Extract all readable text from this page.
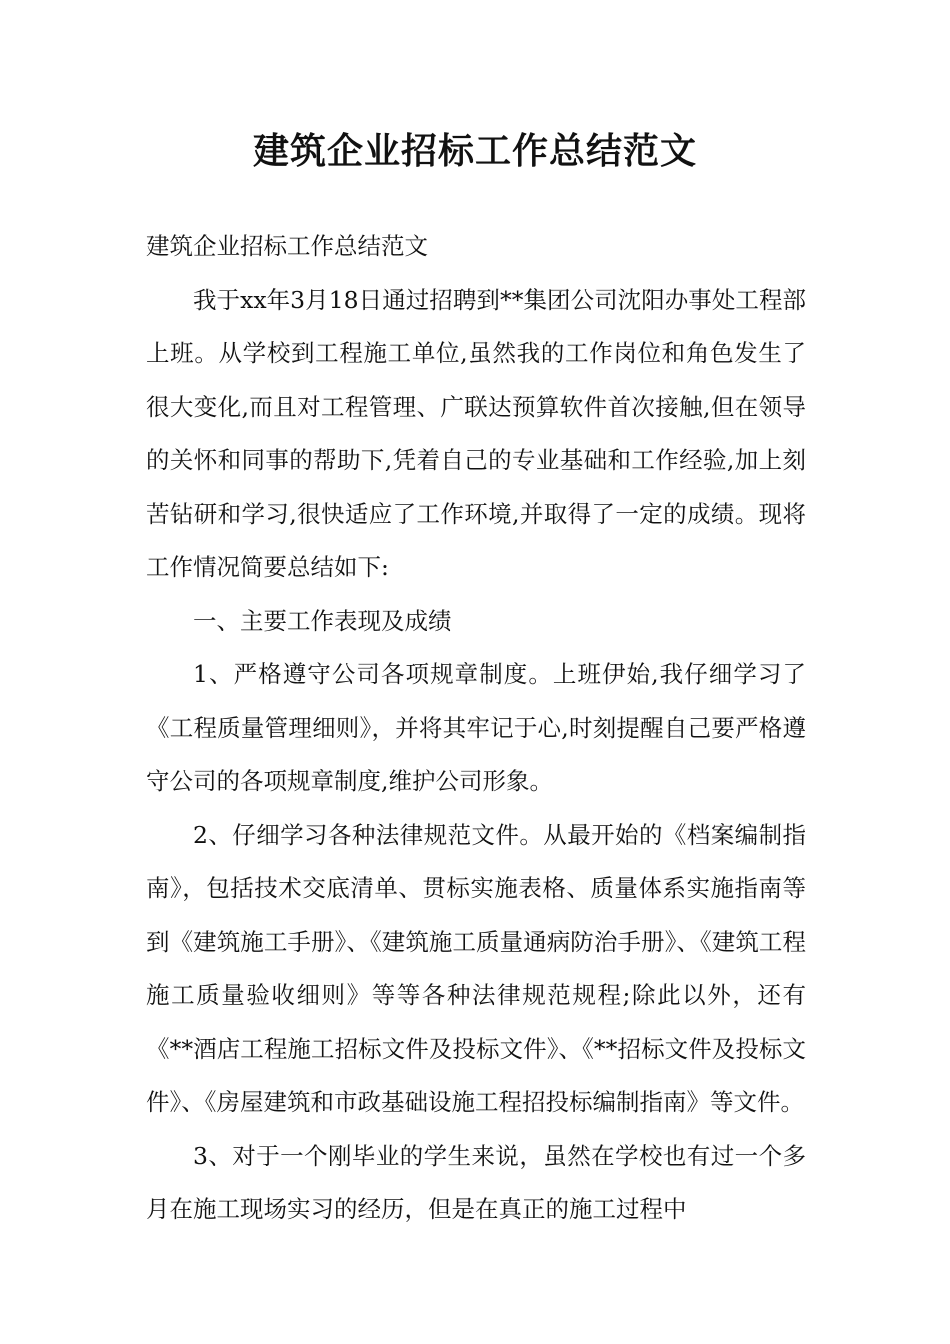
建筑企业招标工作总结范文

建筑企业招标工作总结范文

我于xx年3月18日通过招聘到**集团公司沈阳办事处工程部上班。从学校到工程施工单位,虽然我的工作岗位和角色发生了很大变化,而且对工程管理、广联达预算软件首次接触,但在领导的关怀和同事的帮助下,凭着自己的专业基础和工作经验,加上刻苦钻研和学习,很快适应了工作环境,并取得了一定的成绩。现将工作情况简要总结如下:

一、主要工作表现及成绩

1、严格遵守公司各项规章制度。上班伊始,我仔细学习了《工程质量管理细则》，并将其牢记于心,时刻提醒自己要严格遵守公司的各项规章制度,维护公司形象。

2、仔细学习各种法律规范文件。从最开始的《档案编制指南》，包括技术交底清单、贯标实施表格、质量体系实施指南等到《建筑施工手册》、《建筑施工质量通病防治手册》、《建筑工程施工质量验收细则》等等各种法律规范规程;除此以外，还有《**酒店工程施工招标文件及投标文件》、《**招标文件及投标文件》、《房屋建筑和市政基础设施工程招投标编制指南》等文件。

3、对于一个刚毕业的学生来说，虽然在学校也有过一个多月在施工现场实习的经历，但是在真正的施工过程中
